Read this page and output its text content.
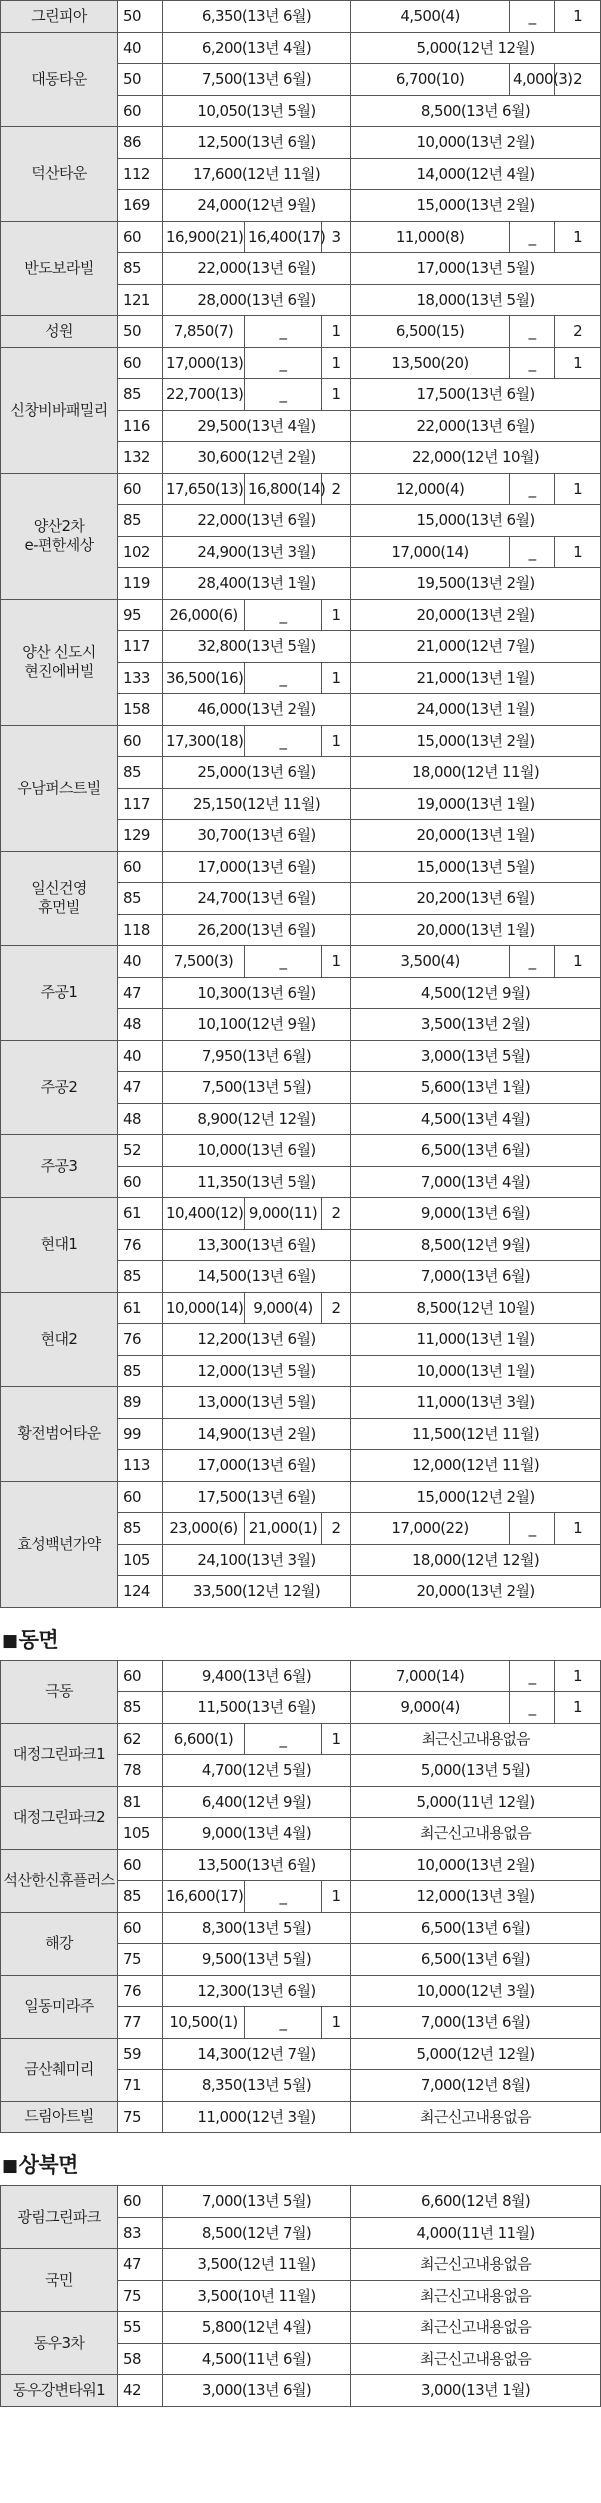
그린피아	50	6,350(13년 6월)			4,500(4)	_	1
대동타운	40	6,200(13년 4월)			5,000(12년 12월)		
	50	7,500(13년 6월)			6,700(10)	4,000(3)	2
	60	10,050(13년 5월)			8,500(13년 6월)		
덕산타운	86	12,500(13년 6월)			10,000(13년 2월)		
	112	17,600(12년 11월)			14,000(12년 4월)		
	169	24,000(12년 9월)			15,000(13년 2월)		
반도보라빌	60	16,900(21)	16,400(17)	3	11,000(8)	_	1
	85	22,000(13년 6월)			17,000(13년 5월)		
	121	28,000(13년 6월)			18,000(13년 5월)		
성원	50	7,850(7)	_	1	6,500(15)	_	2
신창비바패밀리	60	17,000(13)	_	1	13,500(20)	_	1
	85	22,700(13)	_	1	17,500(13년 6월)		
	116	29,500(13년 4월)			22,000(13년 6월)		
	132	30,600(12년 2월)			22,000(12년 10월)		
양산2차
e-편한세상	60	17,650(13)	16,800(14)	2	12,000(4)	_	1
	85	22,000(13년 6월)			15,000(13년 6월)		
	102	24,900(13년 3월)			17,000(14)	_	1
	119	28,400(13년 1월)			19,500(13년 2월)		
양산 신도시
현진에버빌	95	26,000(6)	_	1	20,000(13년 2월)		
	117	32,800(13년 5월)			21,000(12년 7월)		
	133	36,500(16)	_	1	21,000(13년 1월)		
	158	46,000(13년 2월)			24,000(13년 1월)		
우남퍼스트빌	60	17,300(18)	_	1	15,000(13년 2월)		
	85	25,000(13년 6월)			18,000(12년 11월)		
	117	25,150(12년 11월)			19,000(13년 1월)		
	129	30,700(13년 6월)			20,000(13년 1월)		
일신건영
휴먼빌	60	17,000(13년 6월)			15,000(13년 5월)		
	85	24,700(13년 6월)			20,200(13년 6월)		
	118	26,200(13년 6월)			20,000(13년 1월)		
주공1	40	7,500(3)	_	1	3,500(4)	_	1
	47	10,300(13년 6월)			4,500(12년 9월)		
	48	10,100(12년 9월)			3,500(13년 2월)		
주공2	40	7,950(13년 6월)			3,000(13년 5월)		
	47	7,500(13년 5월)			5,600(13년 1월)		
	48	8,900(12년 12월)			4,500(13년 4월)		
주공3	52	10,000(13년 6월)			6,500(13년 6월)		
	60	11,350(13년 5월)			7,000(13년 4월)		
현대1	61	10,400(12)	9,000(11)	2	9,000(13년 6월)		
	76	13,300(13년 6월)			8,500(12년 9월)		
	85	14,500(13년 6월)			7,000(13년 6월)		
현대2	61	10,000(14)	9,000(4)	2	8,500(12년 10월)		
	76	12,200(13년 6월)			11,000(13년 1월)		
	85	12,000(13년 5월)			10,000(13년 1월)		
황전범어타운	89	13,000(13년 5월)			11,000(13년 3월)		
	99	14,900(13년 2월)			11,500(12년 11월)		
	113	17,000(13년 6월)			12,000(12년 11월)		
효성백년가약	60	17,500(13년 6월)			15,000(12년 2월)		
	85	23,000(6)	21,000(1)	2	17,000(22)	_	1
	105	24,100(13년 3월)			18,000(12년 12월)		
	124	33,500(12년 12월)			20,000(13년 2월)		
■동면
극동	60	9,400(13년 6월)			7,000(14)	_	1
	85	11,500(13년 6월)			9,000(4)	_	1
대정그린파크1	62	6,600(1)	_	1	최근신고내용없음		
	78	4,700(12년 5월)			5,000(13년 5월)		
대정그린파크2	81	6,400(12년 9월)			5,000(11년 12월)		
	105	9,000(13년 4월)			최근신고내용없음		
석산한신휴플러스	60	13,500(13년 6월)			10,000(13년 2월)		
	85	16,600(17)	_	1	12,000(13년 3월)		
해강	60	8,300(13년 5월)			6,500(13년 6월)		
	75	9,500(13년 5월)			6,500(13년 6월)		
일동미라주	76	12,300(13년 6월)			10,000(12년 3월)		
	77	10,500(1)	_	1	7,000(13년 6월)		
금산췌미리	59	14,300(12년 7월)			5,000(12년 12월)		
	71	8,350(13년 5월)			7,000(12년 8월)		
드림아트빌	75	11,000(12년 3월)			최근신고내용없음		
■상북면
광림그린파크	60	7,000(13년 5월)	6,600(12년 8월)
	83	8,500(12년 7월)	4,000(11년 11월)
국민	47	3,500(12년 11월)	최근신고내용없음
	75	3,500(10년 11월)	최근신고내용없음
동우3차	55	5,800(12년 4월)	최근신고내용없음
	58	4,500(11년 6월)	최근신고내용없음
동우강변타워1	42	3,000(13년 6월)	3,000(13년 1월)
